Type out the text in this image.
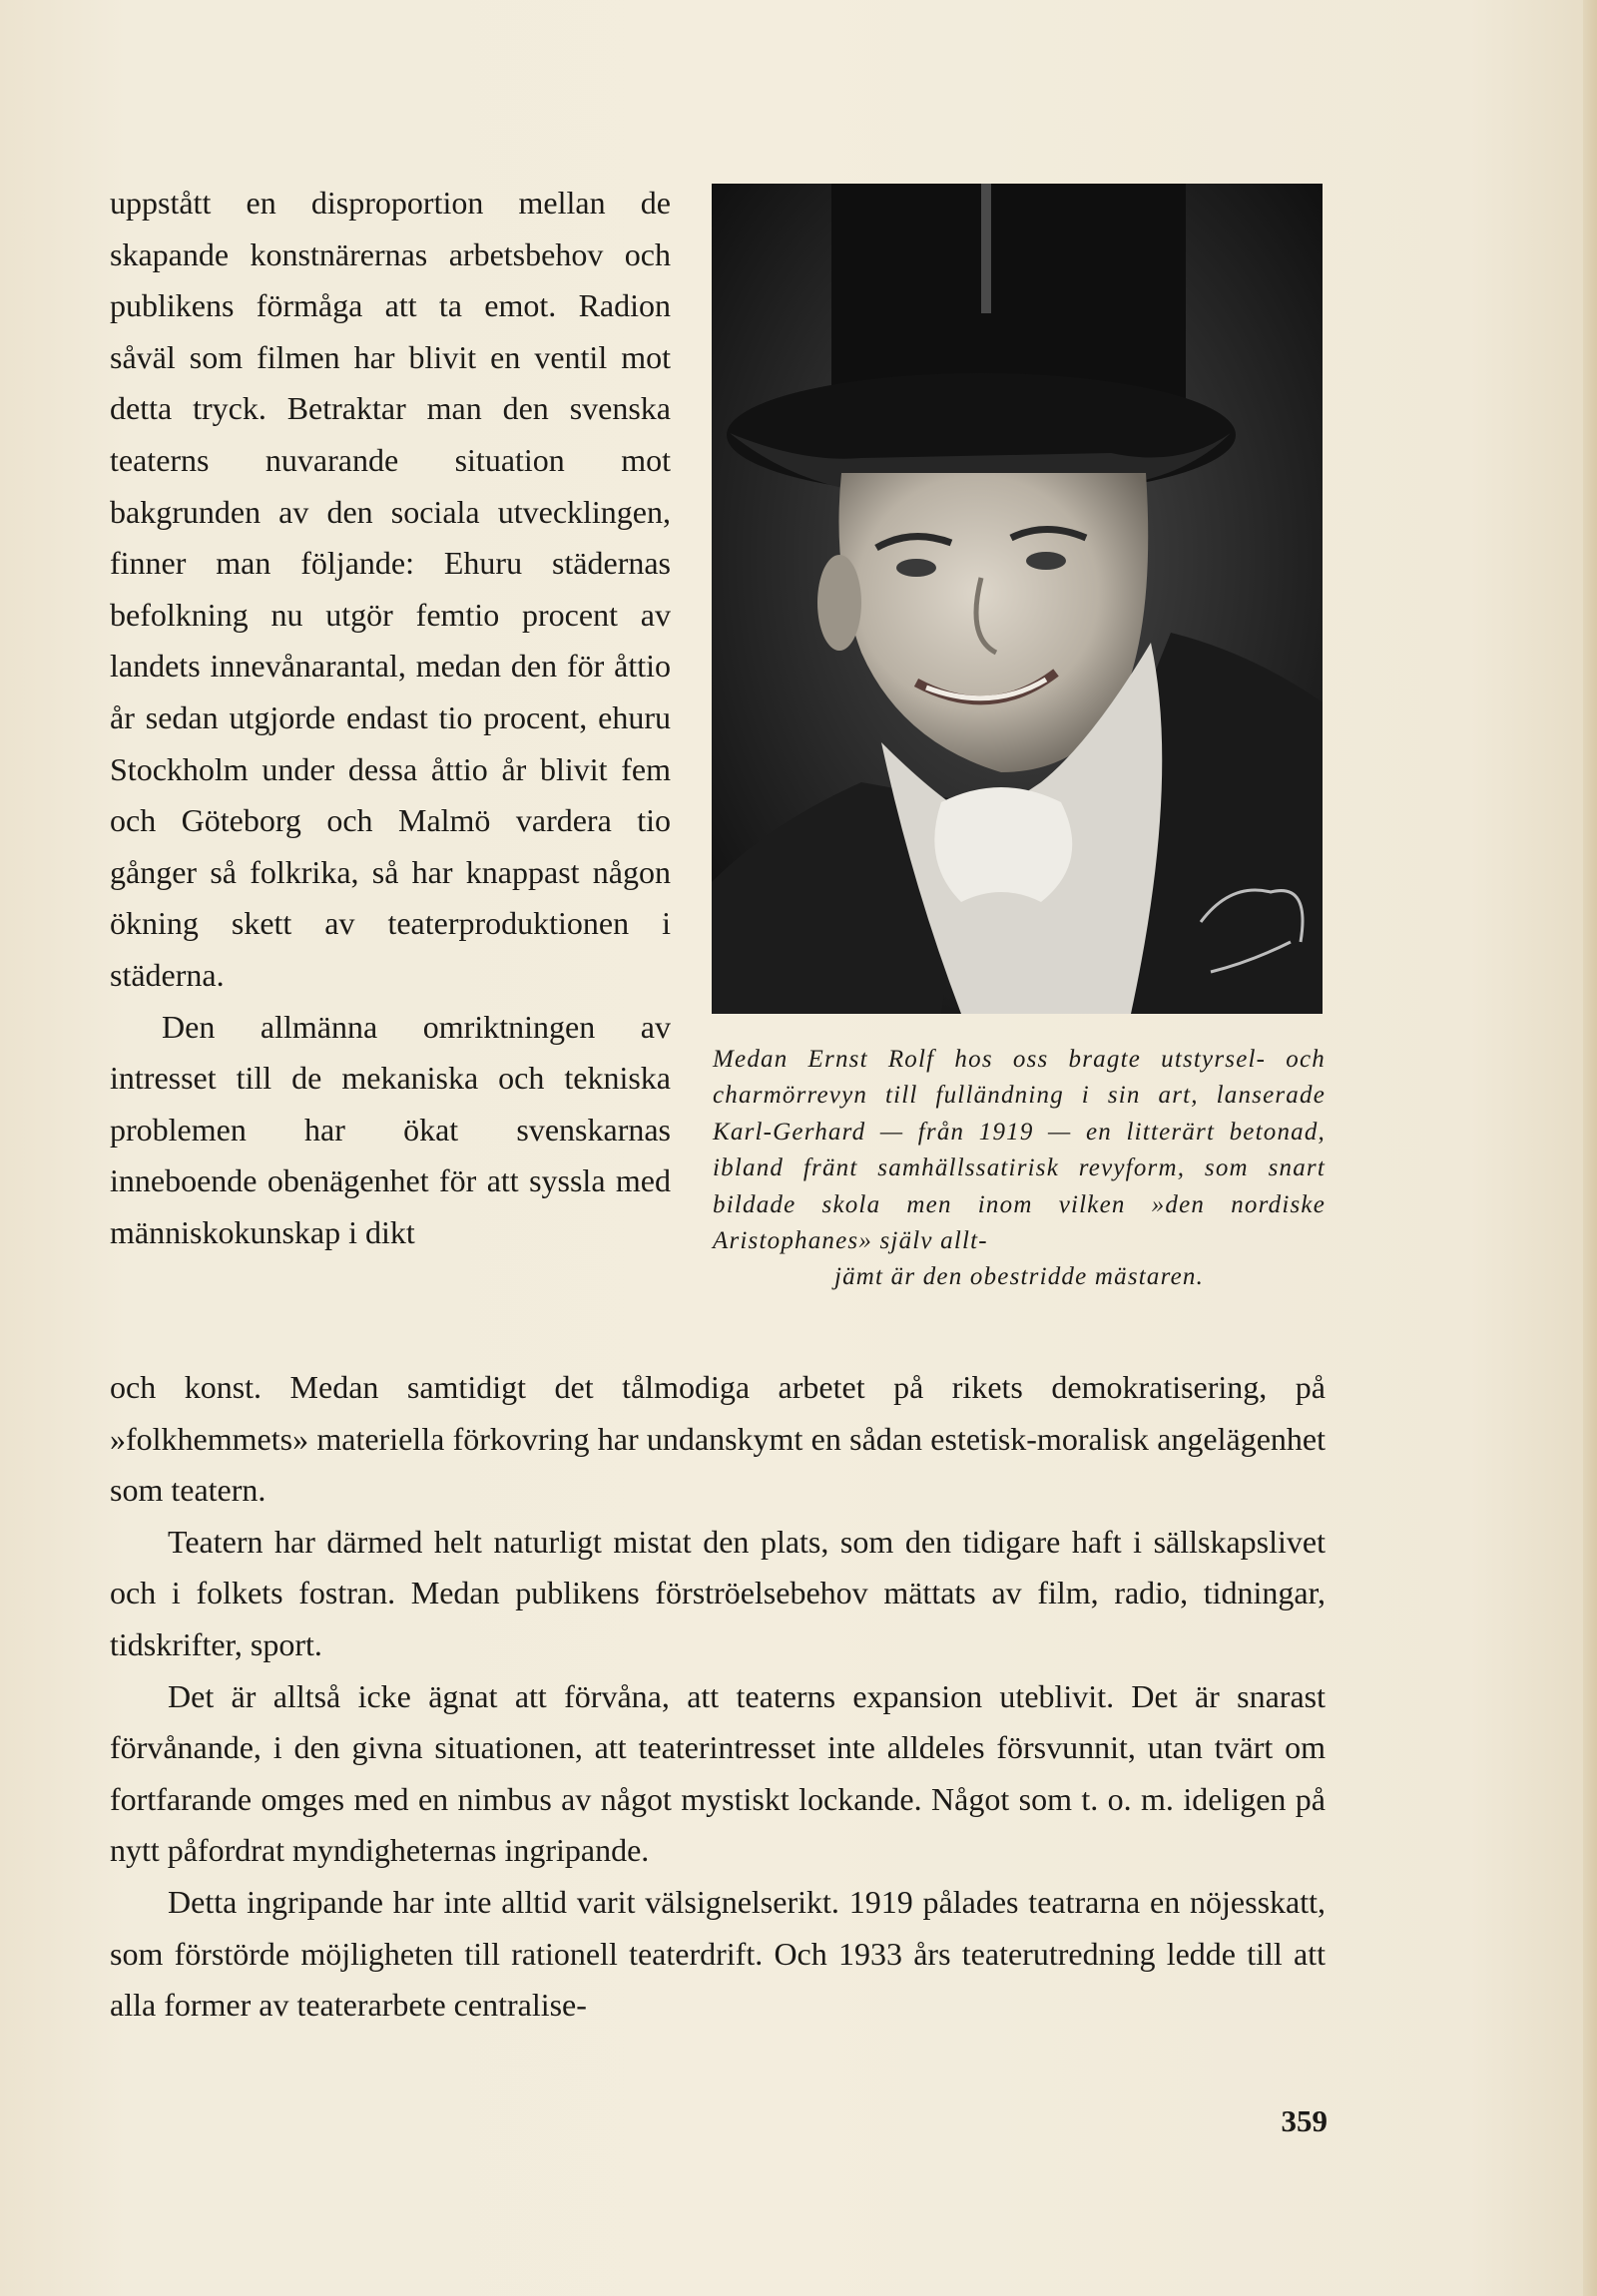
uppstått en disproportion mellan de skapande konstnärernas arbetsbehov och publikens förmåga att ta emot. Radion såväl som filmen har blivit en ventil mot detta tryck. Betraktar man den svenska teaterns nuvarande situation mot bakgrunden av den sociala utvecklingen, finner man följande: Ehuru städernas befolkning nu utgör femtio procent av landets innevånarantal, medan den för åttio år sedan utgjorde endast tio procent, ehuru Stockholm under dessa åttio år blivit fem och Göteborg och Malmö vardera tio gånger så folkrika, så har knappast någon ökning skett av teaterproduktionen i städerna.

Den allmänna omriktningen av intresset till de mekaniska och tekniska problemen har ökat svenskarnas inneboende obenägenhet för att syssla med människokunskap i dikt

Medan Ernst Rolf hos oss bragte utstyrsel- och charmörrevyn till fulländning i sin art, lanserade Karl-Gerhard — från 1919 — en litterärt betonad, ibland fränt samhällssatirisk revyform, som snart bildade skola men inom vilken »den nordiske Aristophanes» själv allt-
jämt är den obestridde mästaren.

och konst. Medan samtidigt det tålmodiga arbetet på rikets demokratisering, på »folkhemmets» materiella förkovring har undanskymt en sådan estetisk-moralisk angelägenhet som teatern.

Teatern har därmed helt naturligt mistat den plats, som den tidigare haft i sällskapslivet och i folkets fostran. Medan publikens förströelsebehov mättats av film, radio, tidningar, tidskrifter, sport.

Det är alltså icke ägnat att förvåna, att teaterns expansion uteblivit. Det är snarast förvånande, i den givna situationen, att teaterintresset inte alldeles försvunnit, utan tvärt om fortfarande omges med en nimbus av något mystiskt lockande. Något som t. o. m. ideligen på nytt påfordrat myndigheternas ingripande.

Detta ingripande har inte alltid varit välsignelserikt. 1919 pålades teatrarna en nöjesskatt, som förstörde möjligheten till rationell teaterdrift. Och 1933 års teaterutredning ledde till att alla former av teaterarbete centralise-

359
